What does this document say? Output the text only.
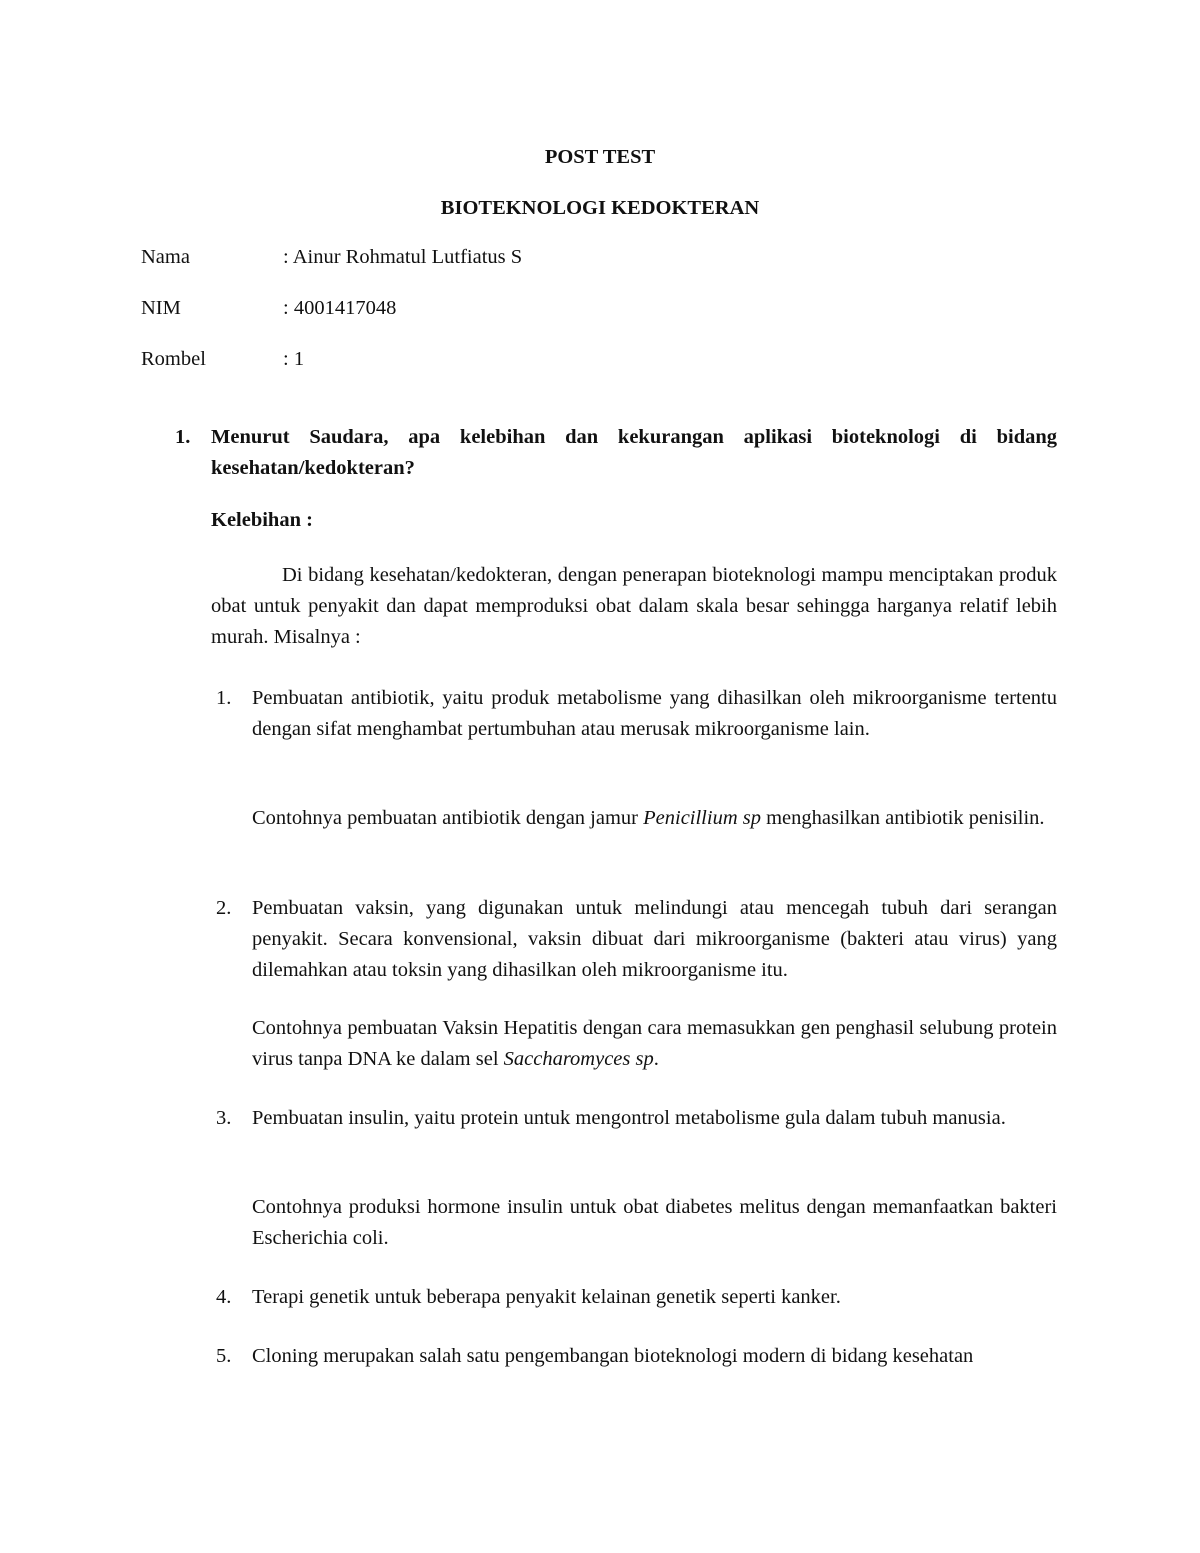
POST TEST
BIOTEKNOLOGI KEDOKTERAN
Nama	: Ainur Rohmatul Lutfiatus S
NIM	: 4001417048
Rombel	: 1
1. Menurut Saudara, apa kelebihan dan kekurangan aplikasi bioteknologi di bidang kesehatan/kedokteran?
Kelebihan :
Di bidang kesehatan/kedokteran, dengan penerapan bioteknologi mampu menciptakan produk obat untuk penyakit dan dapat memproduksi obat dalam skala besar sehingga harganya relatif lebih murah. Misalnya :
1. Pembuatan antibiotik, yaitu produk metabolisme yang dihasilkan oleh mikroorganisme tertentu dengan sifat menghambat pertumbuhan atau merusak mikroorganisme lain.
Contohnya pembuatan antibiotik dengan jamur Penicillium sp menghasilkan antibiotik penisilin.
2. Pembuatan vaksin, yang digunakan untuk melindungi atau mencegah tubuh dari serangan penyakit. Secara konvensional, vaksin dibuat dari mikroorganisme (bakteri atau virus) yang dilemahkan atau toksin yang dihasilkan oleh mikroorganisme itu.
Contohnya pembuatan Vaksin Hepatitis dengan cara memasukkan gen penghasil selubung protein virus tanpa DNA ke dalam sel Saccharomyces sp.
3. Pembuatan insulin, yaitu protein untuk mengontrol metabolisme gula dalam tubuh manusia.
Contohnya produksi hormone insulin untuk obat diabetes melitus dengan memanfaatkan bakteri Escherichia coli.
4. Terapi genetik untuk beberapa penyakit kelainan genetik seperti kanker.
5. Cloning merupakan salah satu pengembangan bioteknologi modern di bidang kesehatan
